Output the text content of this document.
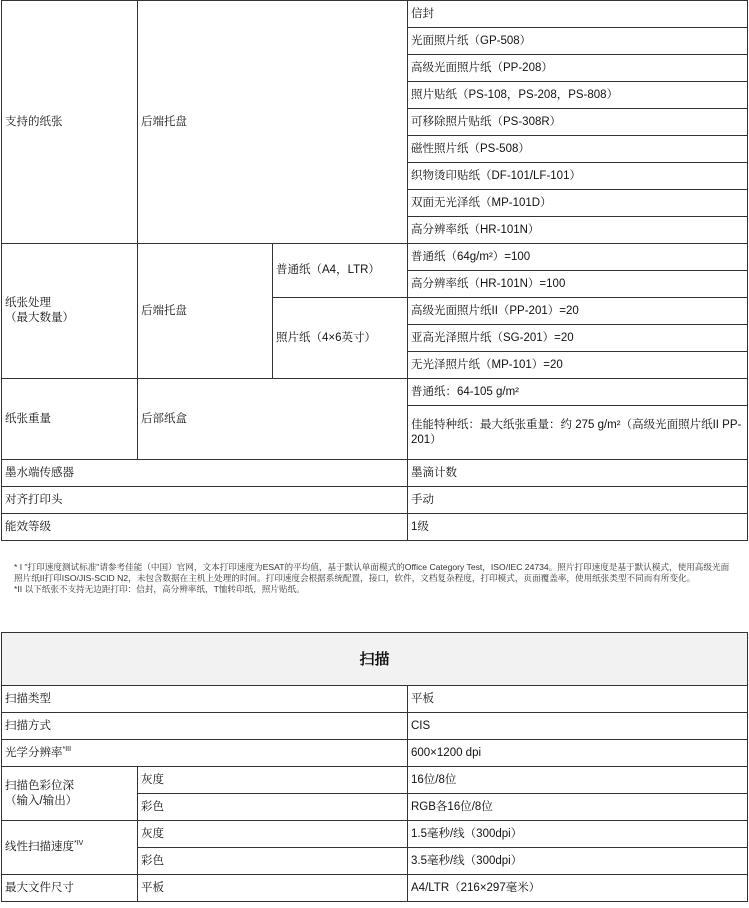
支持的纸张	后端托盘		信封
			光面照片纸（GP-508）
			高级光面照片纸（PP-208）
			照片贴纸（PS-108，PS-208，PS-808）
			可移除照片贴纸（PS-308R）
			磁性照片纸（PS-508）
			织物烫印贴纸（DF-101/LF-101）
			双面无光泽纸（MP-101D）
			高分辨率纸（HR-101N）

纸张处理
（最大数量）	后端托盘	普通纸（A4，LTR）	普通纸（64g/m²）=100
			高分辨率纸（HR-101N）=100
		照片纸（4×6英寸）	高级光面照片纸II（PP-201）=20
			亚高光泽照片纸（SG-201）=20
			无光泽照片纸（MP-101）=20
纸张重量	后部纸盒		普通纸：64-105 g/m²
			佳能特种纸：最大纸张重量：约 275 g/m²（高级光面照片纸II PP-201）
墨水端传感器			墨滴计数
对齐打印头			手动
能效等级			1级
* I "打印速度测试标准"请参考佳能（中国）官网，文本打印速度为ESAT的平均值，基于默认单面模式的Office Category Test，ISO/IEC 24734。照片打印速度是基于默认模式，使用高级光面照片纸II打印ISO/JIS-SCID N2，未包含数据在主机上处理的时间。打印速度会根据系统配置，接口，软件，文档复杂程度，打印模式，页面覆盖率，使用纸张类型不同而有所变化。
*II 以下纸张不支持无边距打印：信封，高分辨率纸，T恤转印纸，照片贴纸。
扫描		
扫描类型		平板
扫描方式		CIS
光学分辨率$^{*III}$		600×1200 dpi

扫描色彩位深
（输入/输出）	灰度	16位/8位
	彩色	RGB各16位/8位
线性扫描速度$^{*IV}$	灰度	1.5毫秒/线（300dpi）
	彩色	3.5毫秒/线（300dpi）
最大文件尺寸	平板	A4/LTR（216×297毫米）
